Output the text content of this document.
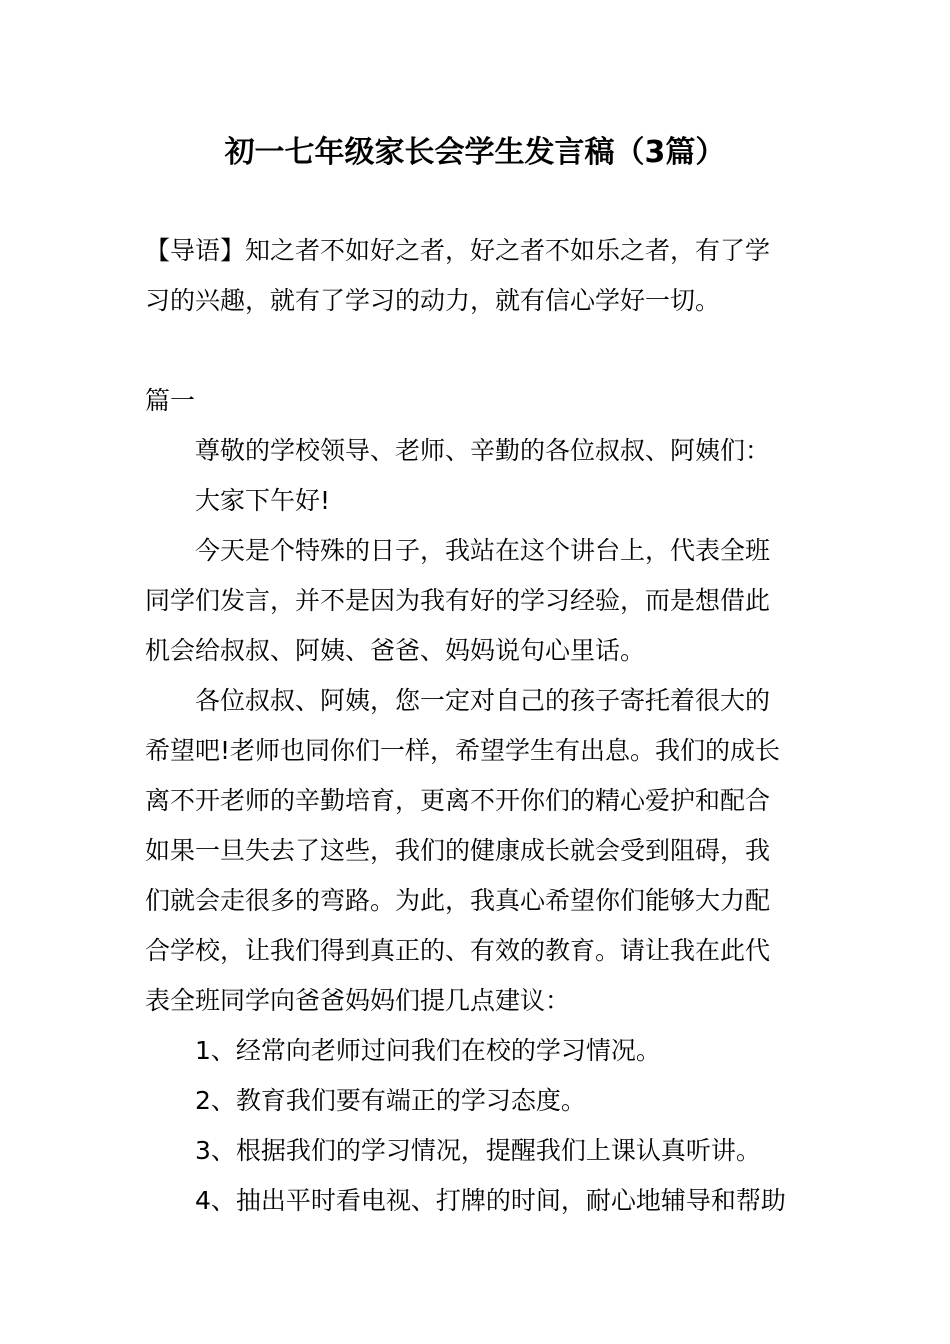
初一七年级家长会学生发言稿（3篇）
【导语】知之者不如好之者，好之者不如乐之者，有了学
习的兴趣，就有了学习的动力，就有信心学好一切。
篇一
尊敬的学校领导、老师、辛勤的各位叔叔、阿姨们：
大家下午好!
今天是个特殊的日子，我站在这个讲台上，代表全班
同学们发言，并不是因为我有好的学习经验，而是想借此
机会给叔叔、阿姨、爸爸、妈妈说句心里话。
各位叔叔、阿姨，您一定对自己的孩子寄托着很大的
希望吧!老师也同你们一样，希望学生有出息。我们的成长
离不开老师的辛勤培育，更离不开你们的精心爱护和配合
如果一旦失去了这些，我们的健康成长就会受到阻碍，我
们就会走很多的弯路。为此，我真心希望你们能够大力配
合学校，让我们得到真正的、有效的教育。请让我在此代
表全班同学向爸爸妈妈们提几点建议：
1、经常向老师过问我们在校的学习情况。
2、教育我们要有端正的学习态度。
3、根据我们的学习情况，提醒我们上课认真听讲。
4、抽出平时看电视、打牌的时间，耐心地辅导和帮助
